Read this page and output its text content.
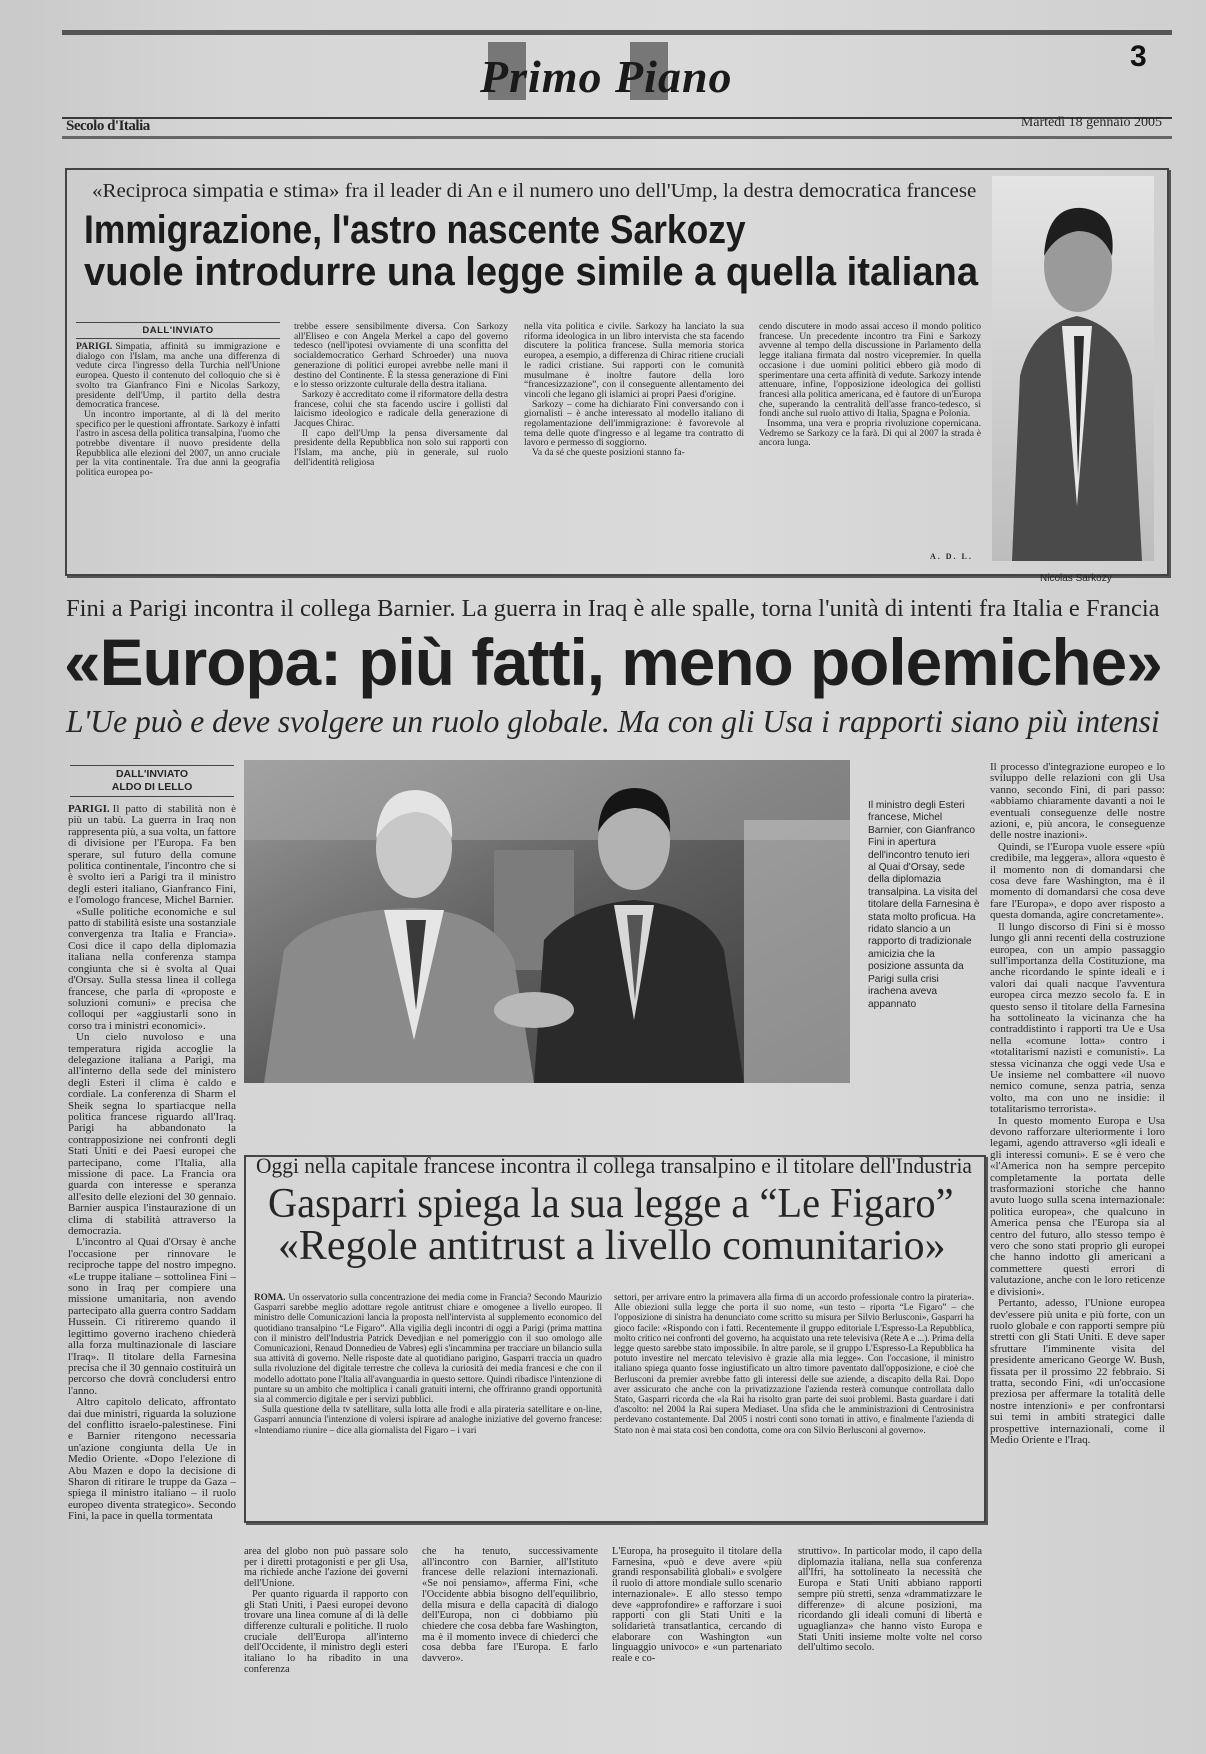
Primo Piano	3
Secolo d'Italia	Martedì 18 gennaio 2005
«Reciproca simpatia e stima» fra il leader di An e il numero uno dell'Ump, la destra democratica francese
Immigrazione, l'astro nascente Sarkozy
vuole introdurre una legge simile a quella italiana
DALL'INVIATO

PARIGI. Simpatia, affinità su immigrazione e dialogo con l'Islam, ma anche una differenza di vedute circa l'ingresso della Turchia nell'Unione europea. Questo il contenuto del colloquio che si è svolto tra Gianfranco Fini e Nicolas Sarkozy, presidente dell'Ump, il partito della destra democratica francese.

Un incontro importante, al di là del merito specifico per le questioni affrontate. Sarkozy è infatti l'astro in ascesa della politica transalpina, l'uomo che potrebbe diventare il nuovo presidente della Repubblica alle elezioni del 2007, un anno cruciale per la vita continentale. Tra due anni la geografia politica europea po-

trebbe essere sensibilmente diversa. Con Sarkozy all'Eliseo e con Angela Merkel a capo del governo tedesco (nell'ipotesi ovviamente di una sconfitta del socialdemocratico Gerhard Schroeder) una nuova generazione di politici europei avrebbe nelle mani il destino del Continente. È la stessa generazione di Fini e lo stesso orizzonte culturale della destra italiana.

Sarkozy è accreditato come il riformatore della destra francese, colui che sta facendo uscire i gollisti dal laicismo ideologico e radicale della generazione di Jacques Chirac.

Il capo dell'Ump la pensa diversamente dal presidente della Repubblica non solo sui rapporti con l'Islam, ma anche, più in generale, sul ruolo dell'identità religiosa

nella vita politica e civile. Sarkozy ha lanciato la sua riforma ideologica in un libro intervista che sta facendo discutere la politica francese. Sulla memoria storica europea, a esempio, a differenza di Chirac ritiene cruciali le radici cristiane. Sui rapporti con le comunità musulmane è inoltre fautore della loro “francesizzazione”, con il conseguente allentamento dei vincoli che legano gli islamici ai propri Paesi d'origine.

Sarkozy – come ha dichiarato Fini conversando con i giornalisti – è anche interessato al modello italiano di regolamentazione dell'immigrazione: è favorevole al tema delle quote d'ingresso e al legame tra contratto di lavoro e permesso di soggiorno.

Va da sé che queste posizioni stanno fa-

cendo discutere in modo assai acceso il mondo politico francese. Un precedente incontro tra Fini e Sarkozy avvenne al tempo della discussione in Parlamento della legge italiana firmata dal nostro vicepremier. In quella occasione i due uomini politici ebbero già modo di sperimentare una certa affinità di vedute. Sarkozy intende attenuare, infine, l'opposizione ideologica dei gollisti francesi alla politica americana, ed è fautore di un'Europa che, superando la centralità dell'asse franco-tedesco, si fondi anche sul ruolo attivo di Italia, Spagna e Polonia.

Insomma, una vera e propria rivoluzione copernicana. Vedremo se Sarkozy ce la farà. Di qui al 2007 la strada è ancora lunga.

A. D. L.
Nicolas Sarkozy
Fini a Parigi incontra il collega Barnier. La guerra in Iraq è alle spalle, torna l'unità di intenti fra Italia e Francia
«Europa: più fatti, meno polemiche»
L'Ue può e deve svolgere un ruolo globale. Ma con gli Usa i rapporti siano più intensi
DALL'INVIATO
ALDO DI LELLO

PARIGI. Il patto di stabilità non è più un tabù. La guerra in Iraq non rappresenta più, a sua volta, un fattore di divisione per l'Europa. Fa ben sperare, sul futuro della comune politica continentale, l'incontro che si è svolto ieri a Parigi tra il ministro degli esteri italiano, Gianfranco Fini, e l'omologo francese, Michel Barnier.

«Sulle politiche economiche e sul patto di stabilità esiste una sostanziale convergenza tra Italia e Francia». Così dice il capo della diplomazia italiana nella conferenza stampa congiunta che si è svolta al Quai d'Orsay. Sulla stessa linea il collega francese, che parla di «proposte e soluzioni comuni» e precisa che colloqui per «aggiustarli sono in corso tra i ministri economici».

Un cielo nuvoloso e una temperatura rigida accoglie la delegazione italiana a Parigi, ma all'interno della sede del ministero degli Esteri il clima è caldo e cordiale. La conferenza di Sharm el Sheik segna lo spartiacque nella politica francese riguardo all'Iraq. Parigi ha abbandonato la contrapposizione nei confronti degli Stati Uniti e dei Paesi europei che partecipano, come l'Italia, alla missione di pace. La Francia ora guarda con interesse e speranza all'esito delle elezioni del 30 gennaio. Barnier auspica l'instaurazione di un clima di stabilità attraverso la democrazia.

L'incontro al Quai d'Orsay è anche l'occasione per rinnovare le reciproche tappe del nostro impegno. «Le truppe italiane – sottolinea Fini – sono in Iraq per compiere una missione umanitaria, non avendo partecipato alla guerra contro Saddam Hussein. Ci ritireremo quando il legittimo governo iracheno chiederà alla forza multinazionale di lasciare l'Iraq». Il titolare della Farnesina precisa che il 30 gennaio costituirà un percorso che dovrà concludersi entro l'anno.

Altro capitolo delicato, affrontato dai due ministri, riguarda la soluzione del conflitto israelo-palestinese. Fini e Barnier ritengono necessaria un'azione congiunta della Ue in Medio Oriente. «Dopo l'elezione di Abu Mazen e dopo la decisione di Sharon di ritirare le truppe da Gaza – spiega il ministro italiano – il ruolo europeo diventa strategico». Secondo Fini, la pace in quella tormentata

Il ministro degli Esteri francese, Michel Barnier, con Gianfranco Fini in apertura dell'incontro tenuto ieri al Quai d'Orsay, sede della diplomazia transalpina. La visita del titolare della Farnesina è stata molto proficua. Ha ridato slancio a un rapporto di tradizionale amicizia che la posizione assunta da Parigi sulla crisi irachena aveva appannato

Il processo d'integrazione europeo e lo sviluppo delle relazioni con gli Usa vanno, secondo Fini, di pari passo: «abbiamo chiaramente davanti a noi le eventuali conseguenze delle nostre azioni, e, più ancora, le conseguenze delle nostre inazioni».

Quindi, se l'Europa vuole essere «più credibile, ma leggera», allora «questo è il momento non di domandarsi che cosa deve fare Washington, ma è il momento di domandarsi che cosa deve fare l'Europa», e dopo aver risposto a questa domanda, agire concretamente».

Il lungo discorso di Fini si è mosso lungo gli anni recenti della costruzione europea, con un ampio passaggio sull'importanza della Costituzione, ma anche ricordando le spinte ideali e i valori dai quali nacque l'avventura europea circa mezzo secolo fa. E in questo senso il titolare della Farnesina ha sottolineato la vicinanza che ha contraddistinto i rapporti tra Ue e Usa nella «comune lotta» contro i «totalitarismi nazisti e comunisti». La stessa vicinanza che oggi vede Usa e Ue insieme nel combattere «il nuovo nemico comune, senza patria, senza volto, ma con uno ne insidie: il totalitarismo terrorista».

In questo momento Europa e Usa devono rafforzare ulteriormente i loro legami, agendo attraverso «gli ideali e gli interessi comuni». E se è vero che «l'America non ha sempre percepito completamente la portata delle trasformazioni storiche che hanno avuto luogo sulla scena internazionale: politica europea», che qualcuno in America pensa che l'Europa sia al centro del futuro, allo stesso tempo è vero che sono stati proprio gli europei che hanno indotto gli americani a commettere questi errori di valutazione, anche con le loro reticenze e divisioni».

Pertanto, adesso, l'Unione europea dev'essere più unita e più forte, con un ruolo globale e con rapporti sempre più stretti con gli Stati Uniti. E deve saper sfruttare l'imminente visita del presidente americano George W. Bush, fissata per il prossimo 22 febbraio. Si tratta, secondo Fini, «di un'occasione preziosa per affermare la totalità delle nostre intenzioni» e per confrontarsi sui temi in ambiti strategici dalle prospettive internazionali, come il Medio Oriente e l'Iraq.

Oggi nella capitale francese incontra il collega transalpino e il titolare dell'Industria
Gasparri spiega la sua legge a “Le Figaro”
«Regole antitrust a livello comunitario»

ROMA. Un osservatorio sulla concentrazione dei media come in Francia? Secondo Maurizio Gasparri sarebbe meglio adottare regole antitrust chiare e omogenee a livello europeo. Il ministro delle Comunicazioni lancia la proposta nell'intervista al supplemento economico del quotidiano transalpino “Le Figaro”. Alla vigilia degli incontri di oggi a Parigi (prima mattina con il ministro dell'Industria Patrick Devedjian e nel pomeriggio con il suo omologo alle Comunicazioni, Renaud Donnedieu de Vabres) egli s'incammina per tracciare un bilancio sulla sua attività di governo. Nelle risposte date al quotidiano parigino, Gasparri traccia un quadro sulla rivoluzione del digitale terrestre che colleva la curiosità dei media francesi e che con il modello adottato pone l'Italia all'avanguardia in questo settore. Quindi ribadisce l'intenzione di puntare su un ambito che moltiplica i canali gratuiti interni, che offriranno grandi opportunità sia al commercio digitale e per i servizi pubblici.

Sulla questione della tv satellitare, sulla lotta alle frodi e alla pirateria satellitare e on-line, Gasparri annuncia l'intenzione di volersi ispirare ad analoghe iniziative del governo francese: «Intendiamo riunire – dice alla giornalista del Figaro – i vari

settori, per arrivare entro la primavera alla firma di un accordo professionale contro la pirateria». Alle obiezioni sulla legge che porta il suo nome, «un testo – riporta “Le Figaro” – che l'opposizione di sinistra ha denunciato come scritto su misura per Silvio Berlusconi», Gasparri ha gioco facile: «Rispondo con i fatti. Recentemente il gruppo editoriale L'Espresso-La Repubblica, molto critico nei confronti del governo, ha acquistato una rete televisiva (Rete A e ...). Prima della legge questo sarebbe stato impossibile. In altre parole, se il gruppo L'Espresso-La Repubblica ha potuto investire nel mercato televisivo è grazie alla mia legge». Con l'occasione, il ministro italiano spiega quanto fosse ingiustificato un altro timore paventato dall'opposizione, e cioè che Berlusconi da premier avrebbe fatto gli interessi delle sue aziende, a discapito della Rai. Dopo aver assicurato che anche con la privatizzazione l'azienda resterà comunque controllata dallo Stato, Gasparri ricorda che «la Rai ha risolto gran parte dei suoi problemi. Basta guardare i dati d'ascolto: nel 2004 la Rai supera Mediaset. Una sfida che le amministrazioni di Centrosinistra perdevano costantemente. Dal 2005 i nostri conti sono tornati in attivo, e finalmente l'azienda di Stato non è mai stata così ben condotta, come ora con Silvio Berlusconi al governo».

area del globo non può passare solo per i diretti protagonisti e per gli Usa, ma richiede anche l'azione dei governi dell'Unione.

Per quanto riguarda il rapporto con gli Stati Uniti, i Paesi europei devono trovare una linea comune al di là delle differenze culturali e politiche. Il ruolo cruciale dell'Europa all'interno dell'Occidente, il ministro degli esteri italiano lo ha ribadito in una conferenza

che ha tenuto, successivamente all'incontro con Barnier, all'Istituto francese delle relazioni internazionali. «Se noi pensiamo», afferma Fini, «che l'Occidente abbia bisogno dell'equilibrio, della misura e della capacità di dialogo dell'Europa, non ci dobbiamo più chiedere che cosa debba fare Washington, ma è il momento invece di chiederci che cosa debba fare l'Europa. E farlo davvero».

L'Europa, ha proseguito il titolare della Farnesina, «può e deve avere «più grandi responsabilità globali» e svolgere il ruolo di attore mondiale sullo scenario internazionale». E allo stesso tempo deve «approfondire» e rafforzare i suoi rapporti con gli Stati Uniti e la solidarietà transatlantica, cercando di elaborare con Washington «un linguaggio univoco» e «un partenariato reale e co-

struttivo». In particolar modo, il capo della diplomazia italiana, nella sua conferenza all'Ifri, ha sottolineato la necessità che Europa e Stati Uniti abbiano rapporti sempre più stretti, senza «drammatizzare le differenze» di alcune posizioni, ma ricordando gli ideali comuni di libertà e uguaglianza» che hanno visto Europa e Stati Uniti insieme molte volte nel corso dell'ultimo secolo.
